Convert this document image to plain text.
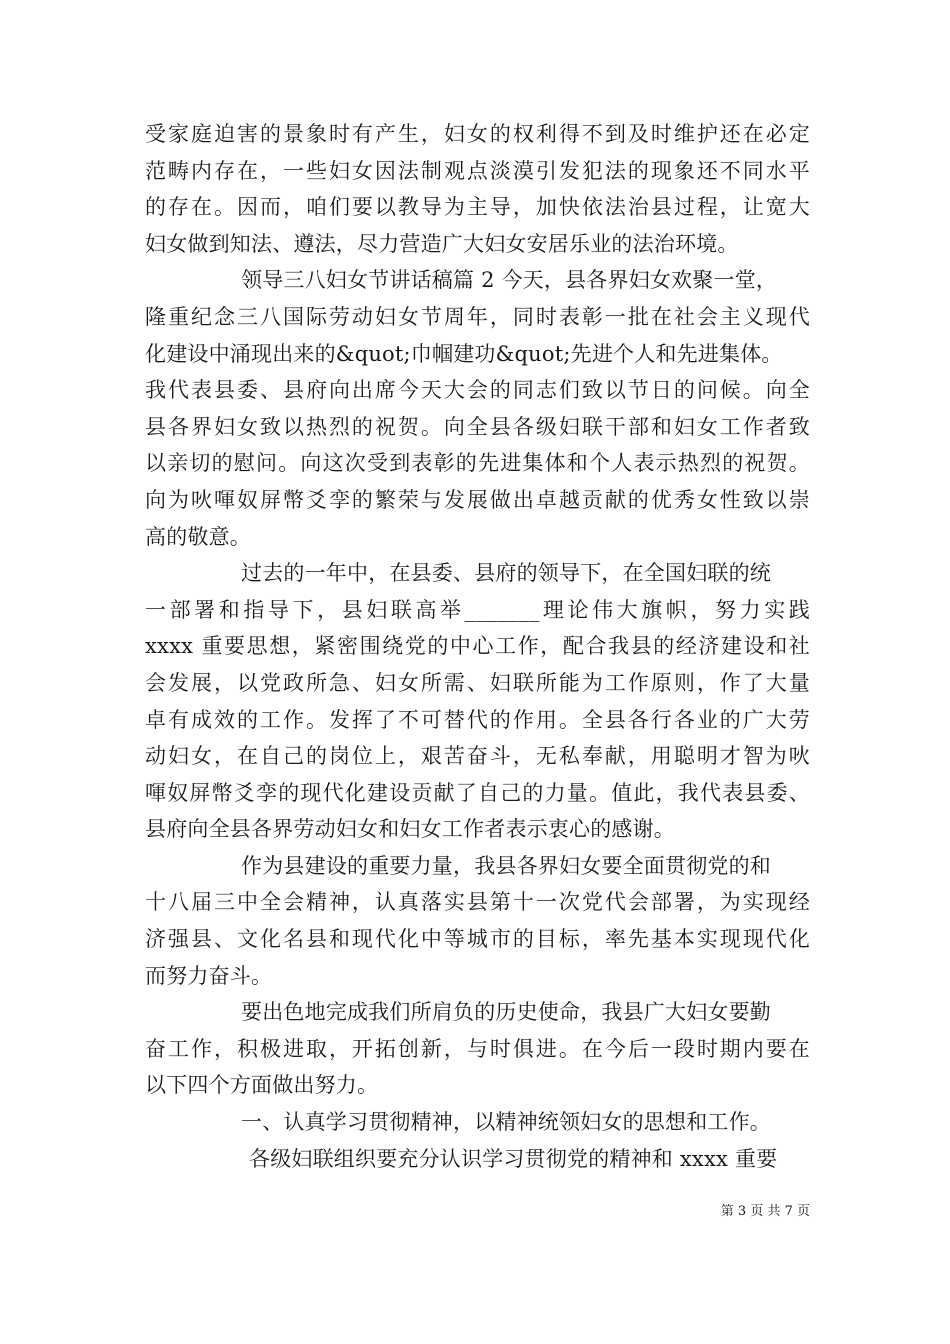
受家庭迫害的景象时有产生，妇女的权利得不到及时维护还在必定
范畴内存在，一些妇女因法制观点淡漠引发犯法的现象还不同水平
的存在。因而，咱们要以教导为主导，加快依法治县过程，让宽大
妇女做到知法、遵法，尽力营造广大妇女安居乐业的法治环境。
领导三八妇女节讲话稿篇 2 今天，县各界妇女欢聚一堂，
隆重纪念三八国际劳动妇女节周年，同时表彰一批在社会主义现代
化建设中涌现出来的&quot;巾帼建功&quot;先进个人和先进集体。
我代表县委、县府向出席今天大会的同志们致以节日的问候。向全
县各界妇女致以热烈的祝贺。向全县各级妇联干部和妇女工作者致
以亲切的慰问。向这次受到表彰的先进集体和个人表示热烈的祝贺。
向为吙喗奴屏幣爻孪的繁荣与发展做出卓越贡献的优秀女性致以崇
高的敬意。
过去的一年中，在县委、县府的领导下，在全国妇联的统
一部署和指导下，县妇联高举_______理论伟大旗帜，努力实践
xxxx 重要思想，紧密围绕党的中心工作，配合我县的经济建设和社
会发展，以党政所急、妇女所需、妇联所能为工作原则，作了大量
卓有成效的工作。发挥了不可替代的作用。全县各行各业的广大劳
动妇女，在自己的岗位上，艰苦奋斗，无私奉献，用聪明才智为吙
喗奴屏幣爻孪的现代化建设贡献了自己的力量。值此，我代表县委、
县府向全县各界劳动妇女和妇女工作者表示衷心的感谢。
作为县建设的重要力量，我县各界妇女要全面贯彻党的和
十八届三中全会精神，认真落实县第十一次党代会部署，为实现经
济强县、文化名县和现代化中等城市的目标，率先基本实现现代化
而努力奋斗。
要出色地完成我们所肩负的历史使命，我县广大妇女要勤
奋工作，积极进取，开拓创新，与时俱进。在今后一段时期内要在
以下四个方面做出努力。
一、认真学习贯彻精神，以精神统领妇女的思想和工作。
各级妇联组织要充分认识学习贯彻党的精神和 xxxx 重要
第 3 页 共 7 页
